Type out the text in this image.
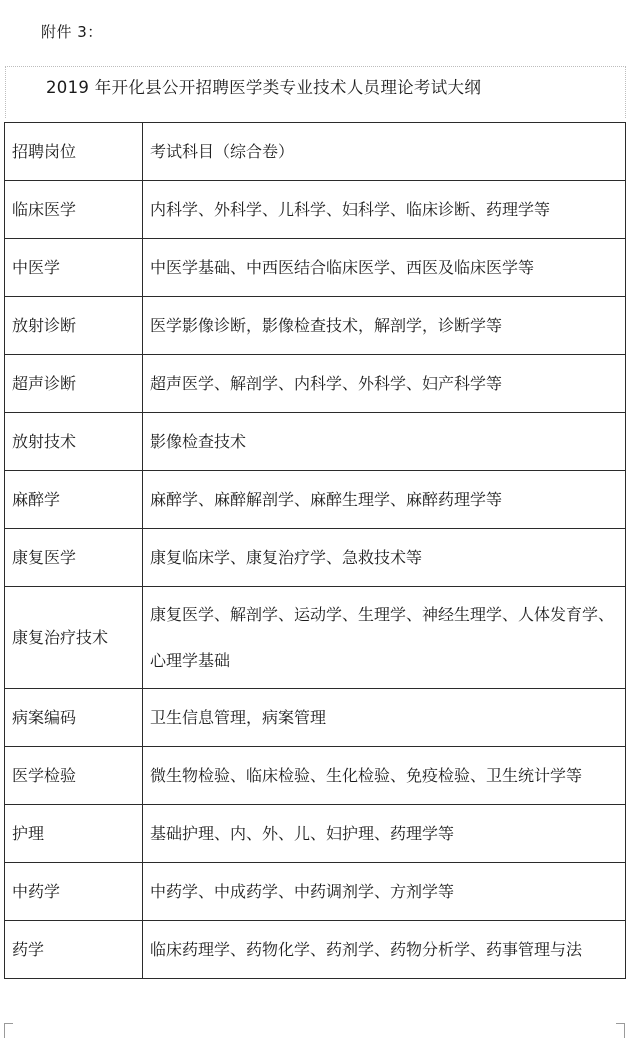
附件 3：
2019 年开化县公开招聘医学类专业技术人员理论考试大纲
招聘岗位	考试科目（综合卷）
临床医学	内科学、外科学、儿科学、妇科学、临床诊断、药理学等
中医学	中医学基础、中西医结合临床医学、西医及临床医学等
放射诊断	医学影像诊断，影像检查技术，解剖学，诊断学等
超声诊断	超声医学、解剖学、内科学、外科学、妇产科学等
放射技术	影像检查技术
麻醉学	麻醉学、麻醉解剖学、麻醉生理学、麻醉药理学等
康复医学	康复临床学、康复治疗学、急救技术等
康复治疗技术	康复医学、解剖学、运动学、生理学、神经生理学、人体发育学、心理学基础
病案编码	卫生信息管理，病案管理
医学检验	微生物检验、临床检验、生化检验、免疫检验、卫生统计学等
护理	基础护理、内、外、儿、妇护理、药理学等
中药学	中药学、中成药学、中药调剂学、方剂学等
药学	临床药理学、药物化学、药剂学、药物分析学、药事管理与法
